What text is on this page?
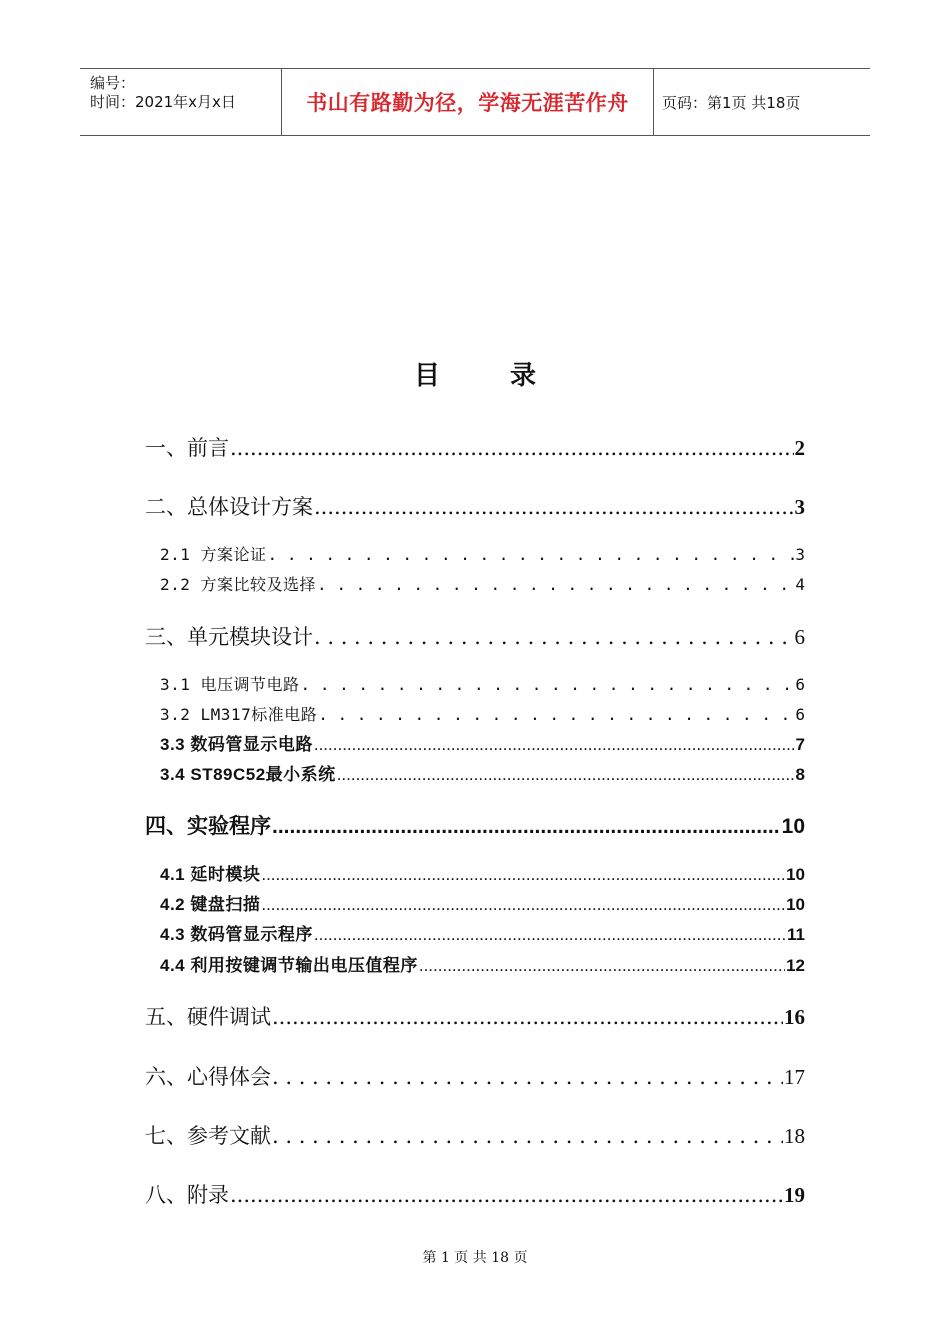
编号：
时间：2021年x月x日	书山有路勤为径，学海无涯苦作舟	页码：第1页 共18页
目录
一、前言 .....	2
二、总体设计方案 .....	3
2.1 方案论证 . . .	3
2.2 方案比较及选择 . . .	4
三、单元模块设计 . . .	6
3.1 电压调节电路 . . .	6
3.2 LM317标准电路 . . .	6
3.3 数码管显示电路 .....	7
3.4 ST89C52最小系统 .....	8
四、实验程序 .....	10
4.1 延时模块 .....	10
4.2 键盘扫描 .....	10
4.3 数码管显示程序 .....	11
4.4 利用按键调节输出电压值程序 .....	12
五、硬件调试 .....	16
六、心得体会 . . .	17
七、参考文献 . . .	18
八、附录 .....	19
第 1 页 共 18 页
